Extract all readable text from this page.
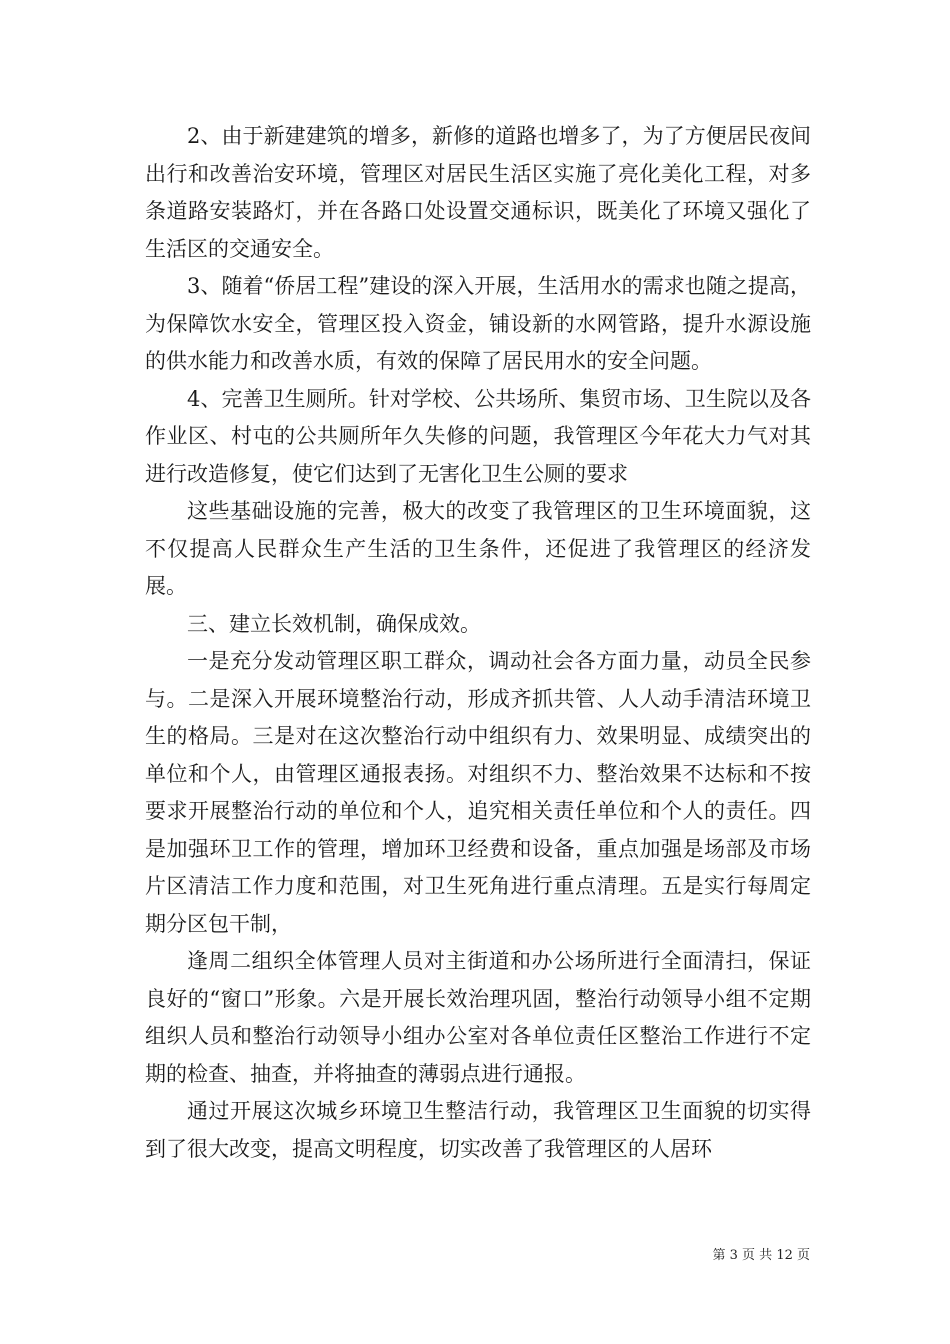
2、由于新建建筑的增多，新修的道路也增多了，为了方便居民夜间出行和改善治安环境，管理区对居民生活区实施了亮化美化工程，对多条道路安装路灯，并在各路口处设置交通标识，既美化了环境又强化了生活区的交通安全。

3、随着“侨居工程”建设的深入开展，生活用水的需求也随之提高，为保障饮水安全，管理区投入资金，铺设新的水网管路，提升水源设施的供水能力和改善水质，有效的保障了居民用水的安全问题。

4、完善卫生厕所。针对学校、公共场所、集贸市场、卫生院以及各作业区、村屯的公共厕所年久失修的问题，我管理区今年花大力气对其进行改造修复，使它们达到了无害化卫生公厕的要求

这些基础设施的完善，极大的改变了我管理区的卫生环境面貌，这不仅提高人民群众生产生活的卫生条件，还促进了我管理区的经济发展。

三、建立长效机制，确保成效。

一是充分发动管理区职工群众，调动社会各方面力量，动员全民参与。二是深入开展环境整治行动，形成齐抓共管、人人动手清洁环境卫生的格局。三是对在这次整治行动中组织有力、效果明显、成绩突出的单位和个人，由管理区通报表扬。对组织不力、整治效果不达标和不按要求开展整治行动的单位和个人，追究相关责任单位和个人的责任。四是加强环卫工作的管理，增加环卫经费和设备，重点加强是场部及市场片区清洁工作力度和范围，对卫生死角进行重点清理。五是实行每周定期分区包干制，

逢周二组织全体管理人员对主街道和办公场所进行全面清扫，保证良好的“窗口”形象。六是开展长效治理巩固，整治行动领导小组不定期组织人员和整治行动领导小组办公室对各单位责任区整治工作进行不定期的检查、抽查，并将抽查的薄弱点进行通报。

通过开展这次城乡环境卫生整洁行动，我管理区卫生面貌的切实得到了很大改变，提高文明程度，切实改善了我管理区的人居环

第 3 页 共 12 页
